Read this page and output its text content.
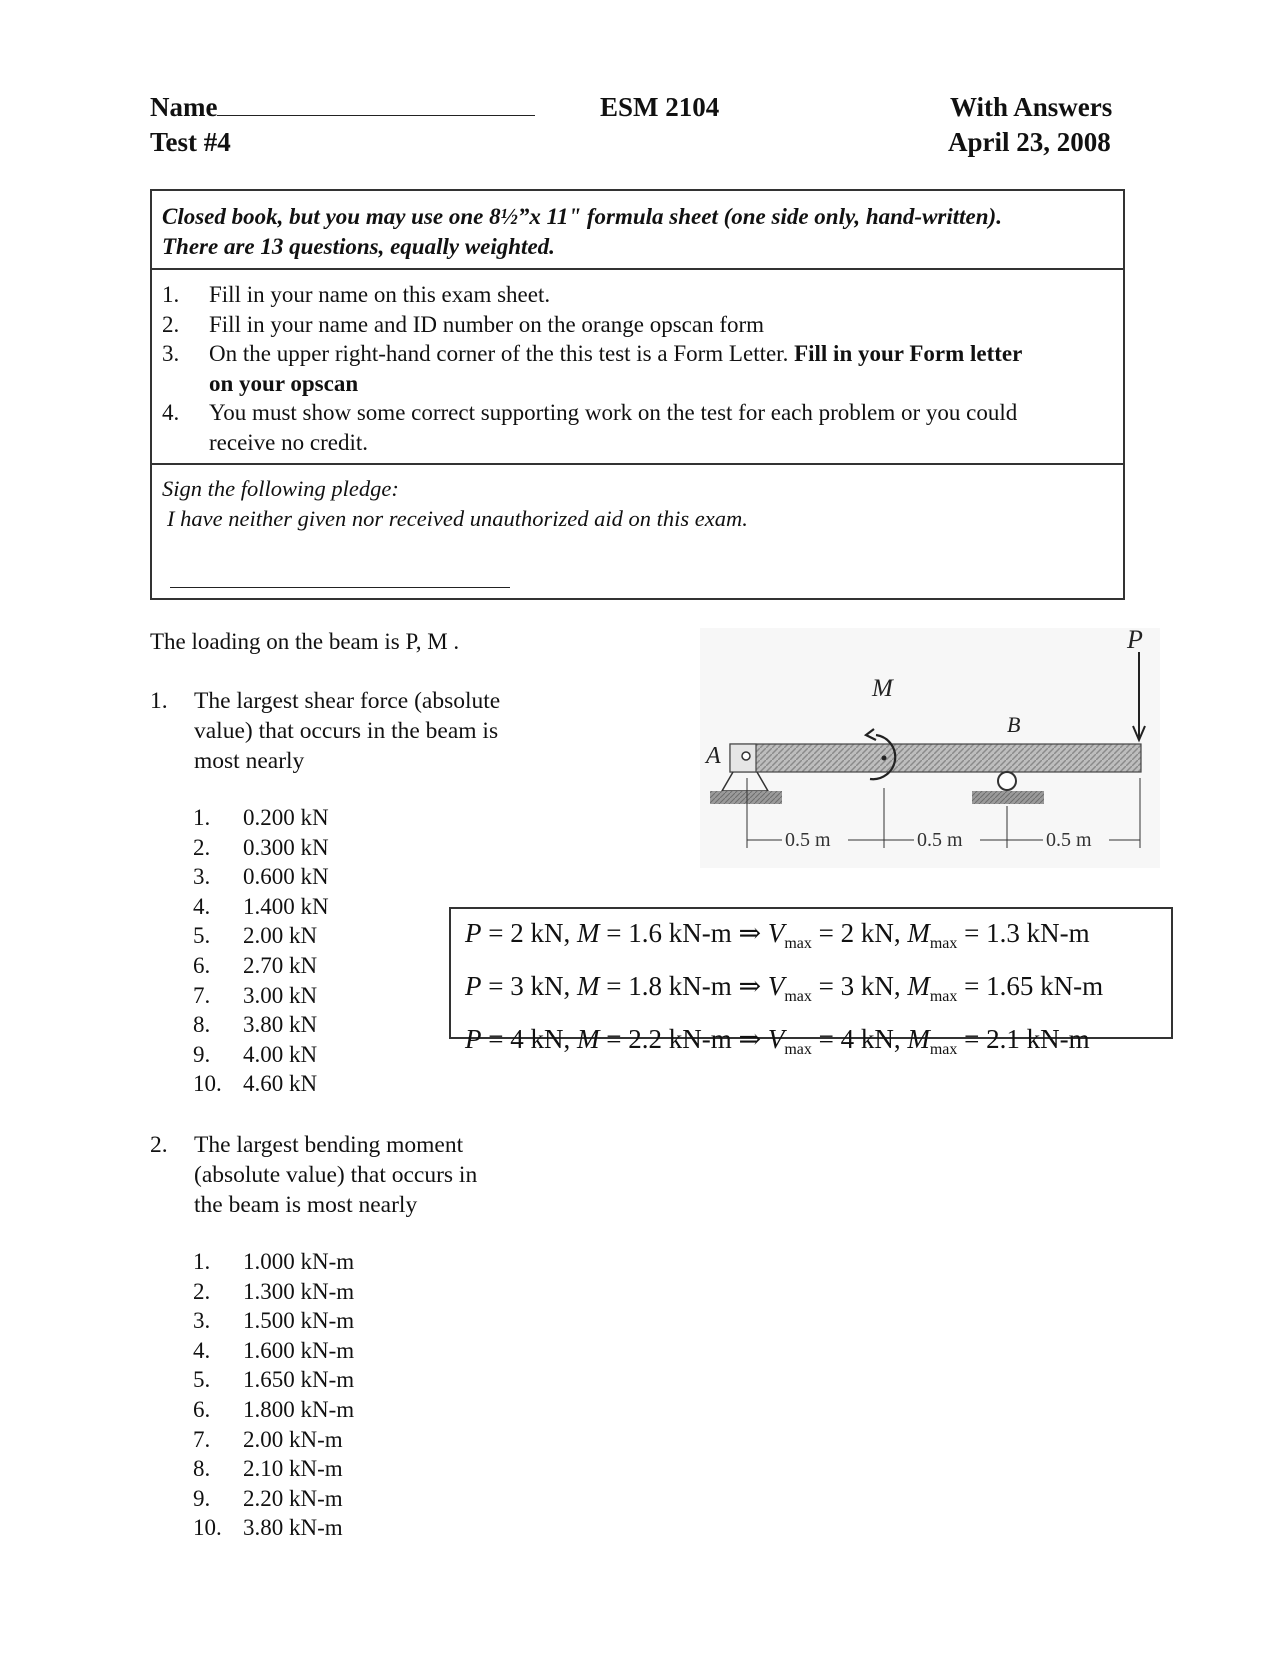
Name	ESM 2104	With Answers
Test #4	April 23, 2008
Closed book, but you may use one 8½”x 11" formula sheet (one side only, hand-written).
There are 13 questions, equally weighted.
1.	Fill in your name on this exam sheet.
2.	Fill in your name and ID number on the orange opscan form
3.	On the upper right-hand corner of the this test is a Form Letter. Fill in your Form letter
on your opscan
4.	You must show some correct supporting work on the test for each problem or you could
receive no credit.
Sign the following pledge:
I have neither given nor received unauthorized aid on this exam.
The loading on the beam is P, M .
1. The largest shear force (absolute
value) that occurs in the beam is
most nearly
1.	0.200 kN
2.	0.300 kN
3.	0.600 kN
4.	1.400 kN
5.	2.00 kN
6.	2.70 kN
7.	3.00 kN
8.	3.80 kN
9.	4.00 kN
10. 4.60 kN
P
M
A
B
0.5 m	0.5 m	0.5 m
P = 2 kN, M = 1.6 kN-m ⇒ $V_{max} = 2$ kN, $M_{max} = 1.3$ kN-m
P = 3 kN, M = 1.8 kN-m ⇒ $V_{max} = 3$ kN, $M_{max} = 1.65$ kN-m
P = 4 kN, M = 2.2 kN-m ⇒ $V_{max} = 4$ kN, $M_{max} = 2.1$ kN-m
2. The largest bending moment
(absolute value) that occurs in
the beam is most nearly
1.	1.000 kN-m
2.	1.300 kN-m
3.	1.500 kN-m
4.	1.600 kN-m
5.	1.650 kN-m
6.	1.800 kN-m
7.	2.00 kN-m
8.	2.10 kN-m
9.	2.20 kN-m
10. 3.80 kN-m
